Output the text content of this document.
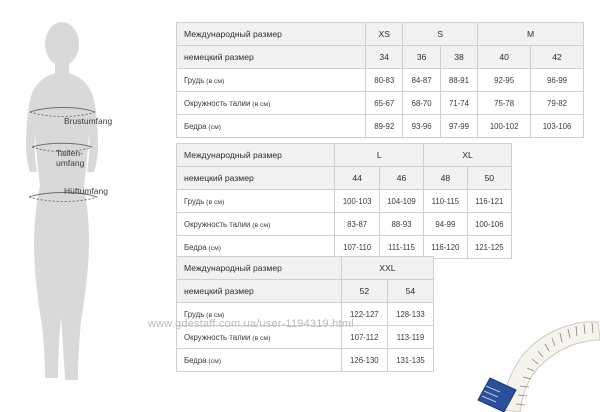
Brustumfang
Taillen-
umfang
Hüftumfang
Международный размер	XS	S		M	
немецкий размер	34	36	38	40	42
Грудь (в см)	80-83	84-87	88-91	92-95	96-99
Окружность талии (в см)	65-67	68-70	71-74	75-78	79-82
Бедра (см)	89-92	93-96	97-99	100-102	103-106
Международный размер	L		XL	
немецкий размер	44	46	48	50
Грудь (в см)	100-103	104-109	110-115	116-121
Окружность талии (в см)	83-87	88-93	94-99	100-106
Бедра (см)	107-110	111-115	116-120	121-125
Международный размер	XXL	
немецкий размер	52	54
Грудь (в см)	122-127	128-133
Окружность талии (в см)	107-112	113-119
Бедра (см)	126-130	131-135
www.gdestaff.com.ua/user-1194319.html
